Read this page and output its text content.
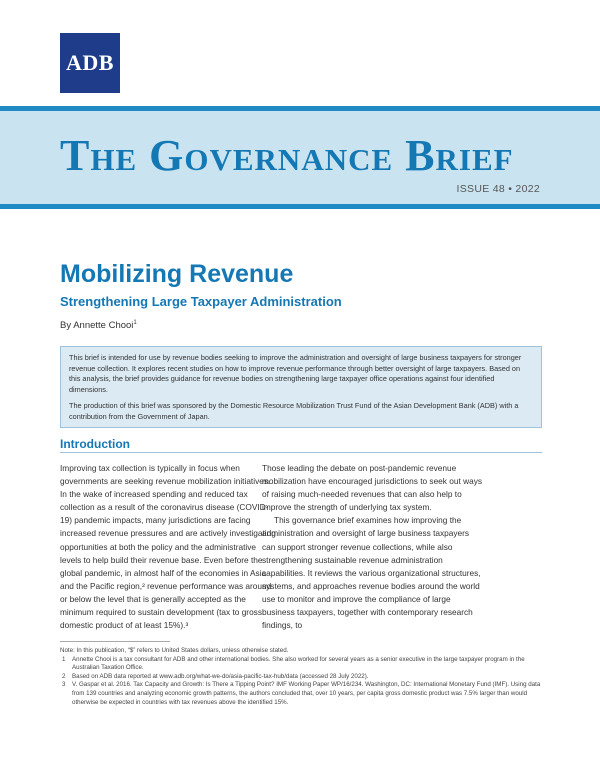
ADB
The Governance Brief
ISSUE 48 • 2022
Mobilizing Revenue
Strengthening Large Taxpayer Administration
By Annette Chooi$^1$

This brief is intended for use by revenue bodies seeking to improve the administration and oversight of large business taxpayers for stronger revenue collection. It explores recent studies on how to improve revenue performance through better oversight of large taxpayers. Based on this analysis, the brief provides guidance for revenue bodies on strengthening large taxpayer office operations against four identified dimensions.

The production of this brief was sponsored by the Domestic Resource Mobilization Trust Fund of the Asian Development Bank (ADB) with a contribution from the Government of Japan.

Introduction

Improving tax collection is typically in focus when governments are seeking revenue mobilization initiatives. In the wake of increased spending and reduced tax collection as a result of the coronavirus disease (COVID-19) pandemic impacts, many jurisdictions are facing increased revenue pressures and are actively investigating opportunities at both the policy and the administrative levels to help build their revenue base. Even before the global pandemic, in almost half of the economies in Asia and the Pacific region,² revenue performance was around or below the level that is generally accepted as the minimum required to sustain development (tax to gross domestic product of at least 15%).³

Those leading the debate on post-pandemic revenue mobilization have encouraged jurisdictions to seek out ways of raising much-needed revenues that can also help to improve the strength of underlying tax system.

This governance brief examines how improving the administration and oversight of large business taxpayers can support stronger revenue collections, while also strengthening sustainable revenue administration capabilities. It reviews the various organizational structures, systems, and approaches revenue bodies around the world use to monitor and improve the compliance of large business taxpayers, together with contemporary research findings, to

Note: In this publication, “$” refers to United States dollars, unless otherwise stated.
1 Annette Chooi is a tax consultant for ADB and other international bodies. She also worked for several years as a senior executive in the large taxpayer program in the Australian Taxation Office.
2 Based on ADB data reported at www.adb.org/what-we-do/asia-pacific-tax-hub/data (accessed 28 July 2022).
3 V. Gaspar et al. 2016. Tax Capacity and Growth: Is There a Tipping Point? IMF Working Paper WP/16/234. Washington, DC: International Monetary Fund (IMF). Using data from 139 countries and analyzing economic growth patterns, the authors concluded that, over 10 years, per capita gross domestic product was 7.5% larger than would otherwise be expected in countries with tax revenues above the identified 15%.
